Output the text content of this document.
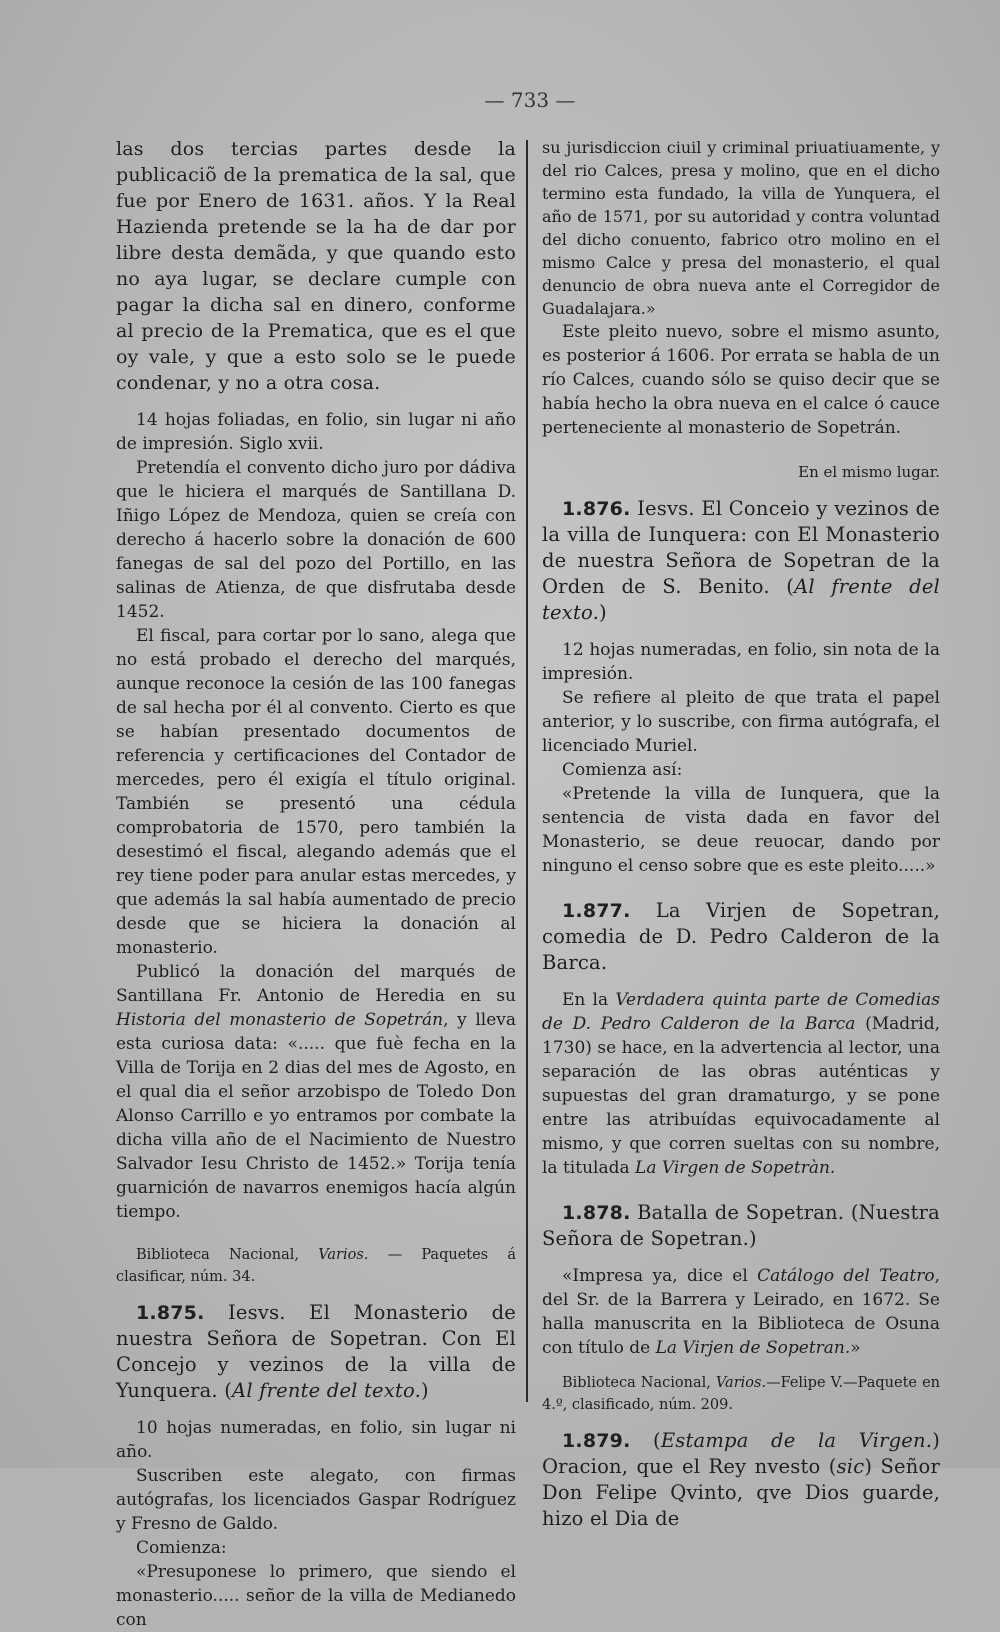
— 733 —

las dos tercias partes desde la publicaciõ de la prematica de la sal, que fue por Enero de 1631. años. Y la Real Hazienda pretende se la ha de dar por libre desta demãda, y que quando esto no aya lugar, se declare cumple con pagar la dicha sal en dinero, conforme al precio de la Prematica, que es el que oy vale, y que a esto solo se le puede condenar, y no a otra cosa.

14 hojas foliadas, en folio, sin lugar ni año de impresión. Siglo xvii.

Pretendía el convento dicho juro por dádiva que le hiciera el marqués de Santillana D. Iñigo López de Mendoza, quien se creía con derecho á hacerlo sobre la donación de 600 fanegas de sal del pozo del Portillo, en las salinas de Atienza, de que disfrutaba desde 1452.

El fiscal, para cortar por lo sano, alega que no está probado el derecho del marqués, aunque reconoce la cesión de las 100 fanegas de sal hecha por él al convento. Cierto es que se habían presentado documentos de referencia y certificaciones del Contador de mercedes, pero él exigía el título original. También se presentó una cédula comprobatoria de 1570, pero también la desestimó el fiscal, alegando además que el rey tiene poder para anular estas mercedes, y que además la sal había aumentado de precio desde que se hiciera la donación al monasterio.

Publicó la donación del marqués de Santillana Fr. Antonio de Heredia en su Historia del monasterio de Sopetrán, y lleva esta curiosa data: «..... que fuè fecha en la Villa de Torija en 2 dias del mes de Agosto, en el qual dia el señor arzobispo de Toledo Don Alonso Carrillo e yo entramos por combate la dicha villa año de el Nacimiento de Nuestro Salvador Iesu Christo de 1452.» Torija tenía guarnición de navarros enemigos hacía algún tiempo.

Biblioteca Nacional, Varios. — Paquetes á clasificar, núm. 34.

1.875. Iesvs. El Monasterio de nuestra Señora de Sopetran. Con El Concejo y vezinos de la villa de Yunquera. (Al frente del texto.)

10 hojas numeradas, en folio, sin lugar ni año.

Suscriben este alegato, con firmas autógrafas, los licenciados Gaspar Rodríguez y Fresno de Galdo.

Comienza:

«Presuponese lo primero, que siendo el monasterio..... señor de la villa de Medianedo con

su jurisdiccion ciuil y criminal priuatiuamente, y del rio Calces, presa y molino, que en el dicho termino esta fundado, la villa de Yunquera, el año de 1571, por su autoridad y contra voluntad del dicho conuento, fabrico otro molino en el mismo Calce y presa del monasterio, el qual denuncio de obra nueva ante el Corregidor de Guadalajara.»

Este pleito nuevo, sobre el mismo asunto, es posterior á 1606. Por errata se habla de un río Calces, cuando sólo se quiso decir que se había hecho la obra nueva en el calce ó cauce perteneciente al monasterio de Sopetrán.

En el mismo lugar.

1.876. Iesvs. El Conceio y vezinos de la villa de Iunquera: con El Monasterio de nuestra Señora de Sopetran de la Orden de S. Benito. (Al frente del texto.)

12 hojas numeradas, en folio, sin nota de la impresión.

Se refiere al pleito de que trata el papel anterior, y lo suscribe, con firma autógrafa, el licenciado Muriel.

Comienza así:

«Pretende la villa de Iunquera, que la sentencia de vista dada en favor del Monasterio, se deue reuocar, dando por ninguno el censo sobre que es este pleito.....»

1.877. La Virjen de Sopetran, comedia de D. Pedro Calderon de la Barca.

En la Verdadera quinta parte de Comedias de D. Pedro Calderon de la Barca (Madrid, 1730) se hace, en la advertencia al lector, una separación de las obras auténticas y supuestas del gran dramaturgo, y se pone entre las atribuídas equivocadamente al mismo, y que corren sueltas con su nombre, la titulada La Virgen de Sopetràn.

1.878. Batalla de Sopetran. (Nuestra Señora de Sopetran.)

«Impresa ya, dice el Catálogo del Teatro, del Sr. de la Barrera y Leirado, en 1672. Se halla manuscrita en la Biblioteca de Osuna con título de La Virjen de Sopetran.»

Biblioteca Nacional, Varios.—Felipe V.—Paquete en 4.º, clasificado, núm. 209.

1.879. (Estampa de la Virgen.) Oracion, que el Rey nvesto (sic) Señor Don Felipe Qvinto, qve Dios guarde, hizo el Dia de
